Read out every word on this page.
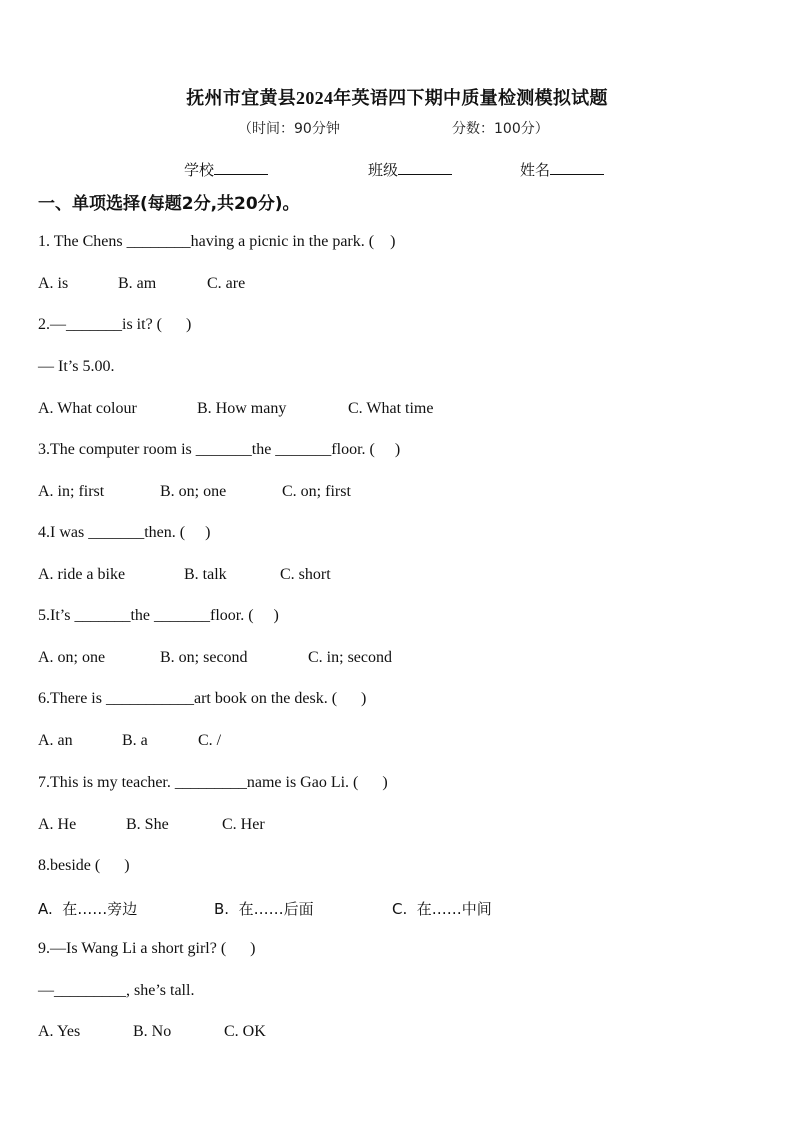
抚州市宜黄县2024年英语四下期中质量检测模拟试题
（时间：90分钟	分数：100分）
学校	班级	姓名
一、单项选择(每题2分,共20分)。
1. The Chens ________having a picnic in the park. (    )
A. is	B. am	C. are
2.—_______is it? (      )
— It’s 5.00.
A. What colour	B. How many	C. What time
3.The computer room is _______the _______floor. (     )
A. in; first	B. on; one	C. on; first
4.I was _______then. (     )
A. ride a bike	B. talk	C. short
5.It’s _______the _______floor. (     )
A. on; one	B. on; second	C. in; second
6.There is ___________art book on the desk. (      )
A. an	B. a	C. /
7.This is my teacher. _________name is Gao Li. (      )
A. He	B. She	C. Her
8.beside (      )
A.  在……旁边	B.  在……后面	C.  在……中间
9.—Is Wang Li a short girl? (      )
—_________, she’s tall.
A. Yes	B. No	C. OK
